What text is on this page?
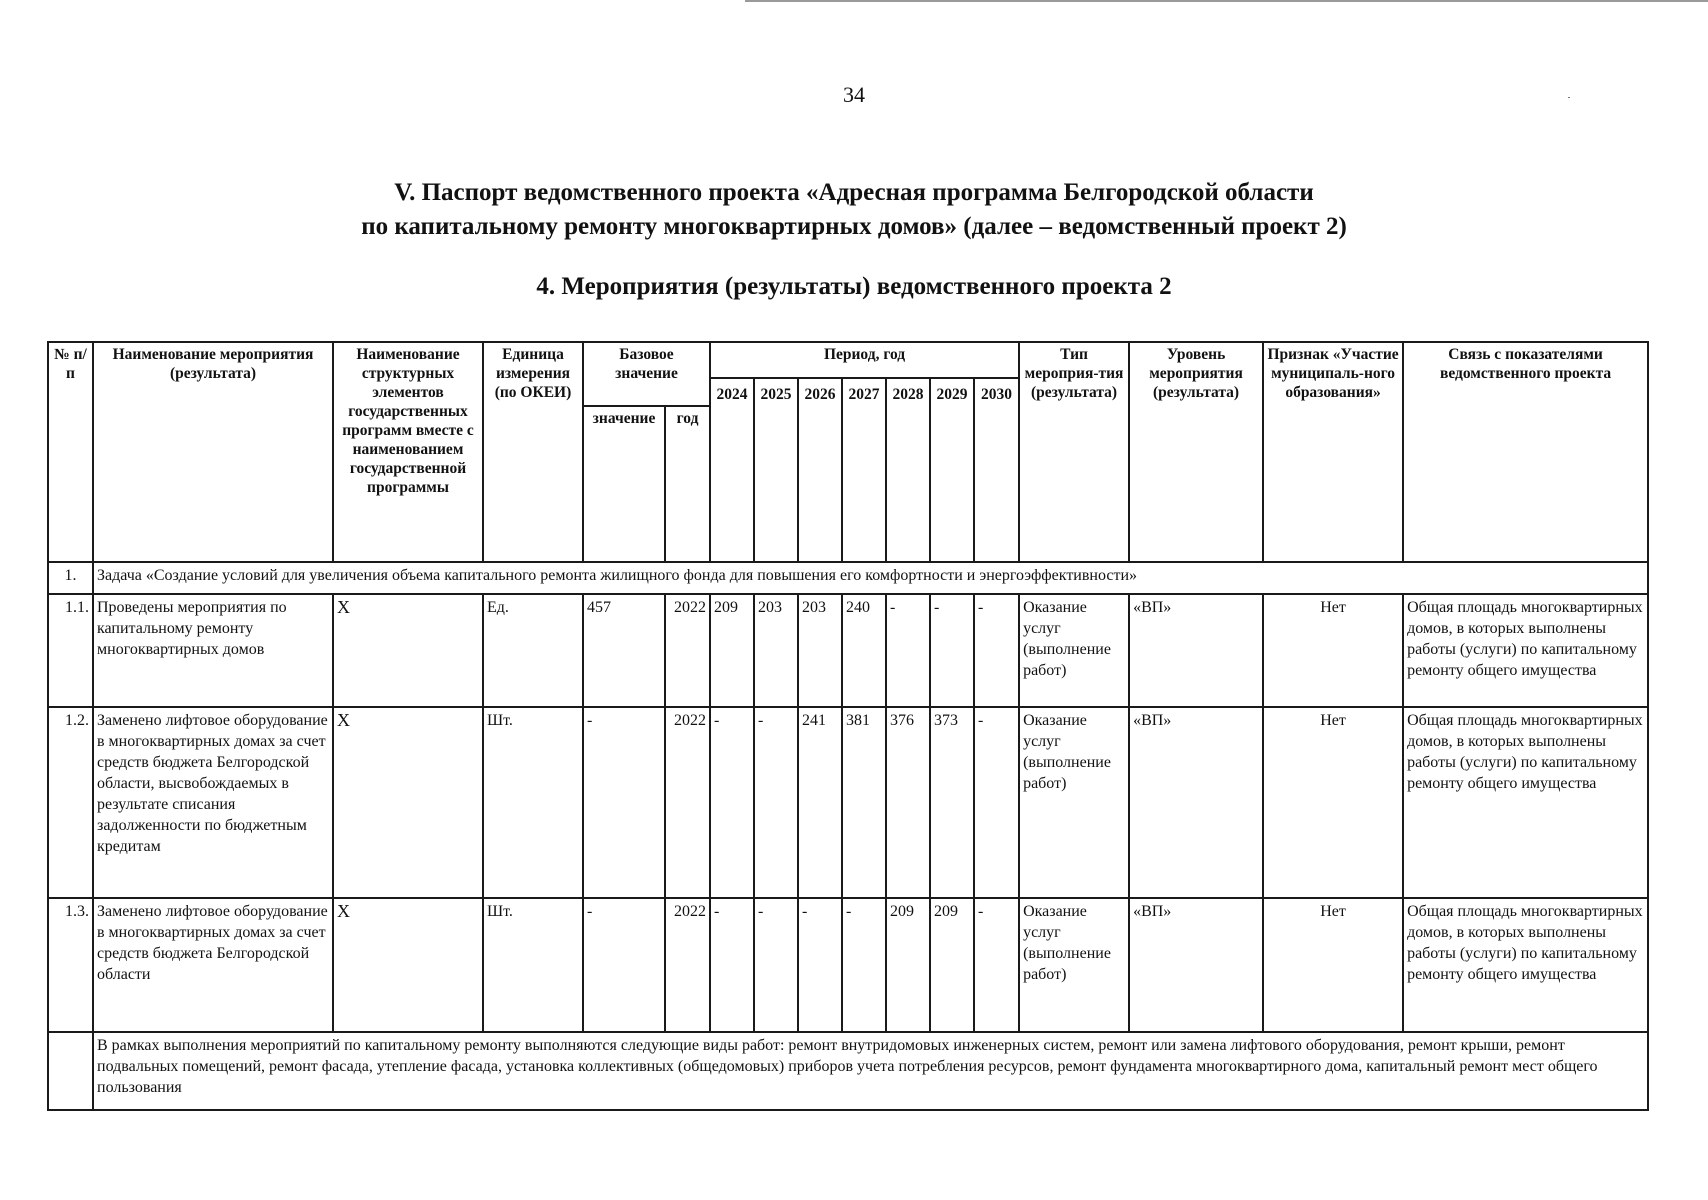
34
V. Паспорт ведомственного проекта «Адресная программа Белгородской области
по капитальному ремонту многоквартирных домов» (далее – ведомственный проект 2)
4. Мероприятия (результаты) ведомственного проекта 2
№ п/п	Наименование мероприятия (результата)	Наименование структурных элементов государственных программ вместе с наименованием государственной программы	Единица измерения (по ОКЕИ)	Базовое значение		Период, год							Тип мероприя-тия (результата)	Уровень мероприятия (результата)	Признак «Участие муниципаль-ного образования»	Связь с показателями ведомственного проекта
						2024	2025	2026	2027	2028	2029	2030				
				значение	год											
1.	Задача «Создание условий для увеличения объема капитального ремонта жилищного фонда для повышения его комфортности и энергоэффективности»															
1.1.	Проведены мероприятия по капитальному ремонту многоквартирных домов	X	Ед.	457	2022	209	203	203	240	-	-	-	Оказание услуг (выполнение работ)	«ВП»	Нет	Общая площадь многоквартирных домов, в которых выполнены работы (услуги) по капитальному ремонту общего имущества
1.2.	Заменено лифтовое оборудование в многоквартирных домах за счет средств бюджета Белгородской области, высвобождаемых в результате списания задолженности по бюджетным кредитам	X	Шт.	-	2022	-	-	241	381	376	373	-	Оказание услуг (выполнение работ)	«ВП»	Нет	Общая площадь многоквартирных домов, в которых выполнены работы (услуги) по капитальному ремонту общего имущества
1.3.	Заменено лифтовое оборудование в многоквартирных домах за счет средств бюджета Белгородской области	X	Шт.	-	2022	-	-	-	-	209	209	-	Оказание услуг (выполнение работ)	«ВП»	Нет	Общая площадь многоквартирных домов, в которых выполнены работы (услуги) по капитальному ремонту общего имущества
	В рамках выполнения мероприятий по капитальному ремонту выполняются следующие виды работ: ремонт внутридомовых инженерных систем, ремонт или замена лифтового оборудования, ремонт крыши, ремонт подвальных помещений, ремонт фасада, утепление фасада, установка коллективных (общедомовых) приборов учета потребления ресурсов, ремонт фундамента многоквартирного дома, капитальный ремонт мест общего пользования															
